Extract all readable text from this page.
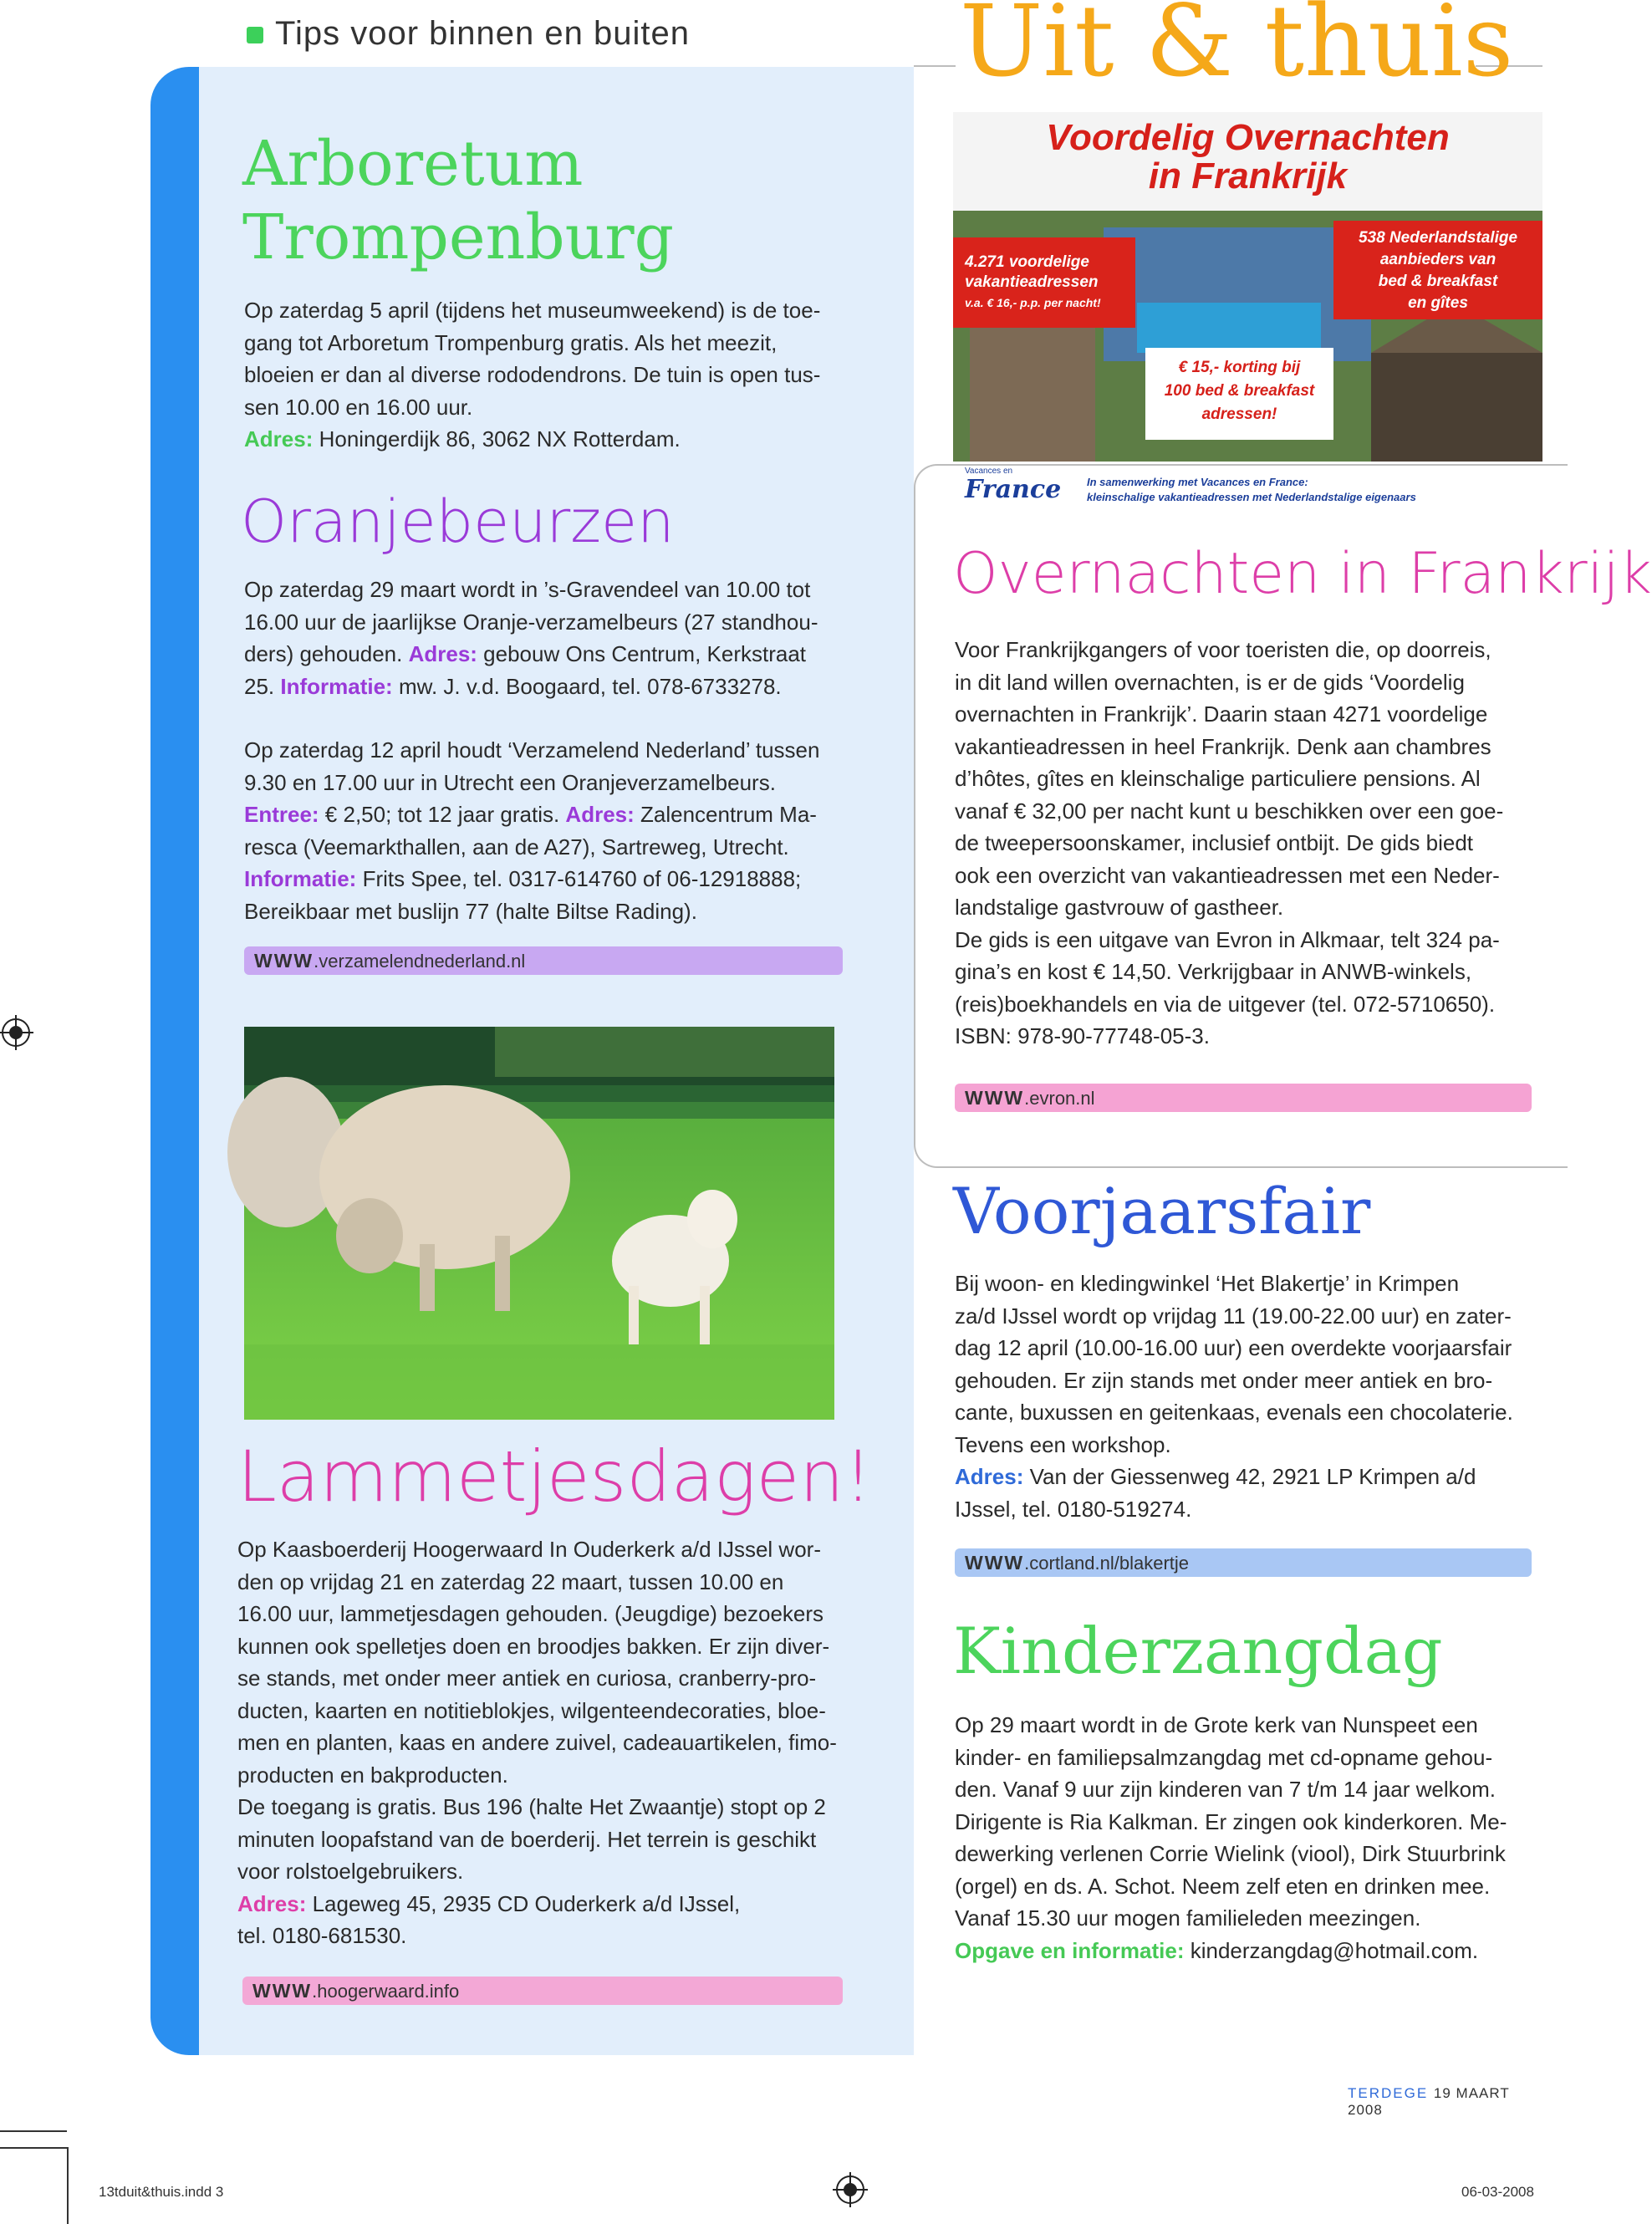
Tips voor binnen en buiten	Uit & thuis
Arboretum
Trompenburg
Op zaterdag 5 april (tijdens het museumweekend) is de toe-
gang tot Arboretum Trompenburg gratis. Als het meezit,
bloeien er dan al diverse rododendrons. De tuin is open tus-
sen 10.00 en 16.00 uur.
Adres: Honingerdijk 86, 3062 NX Rotterdam.
Oranjebeurzen
Op zaterdag 29 maart wordt in ’s-Gravendeel van 10.00 tot
16.00 uur de jaarlijkse Oranje-verzamelbeurs (27 standhou-
ders) gehouden. Adres: gebouw Ons Centrum, Kerkstraat
25. Informatie: mw. J. v.d. Boogaard, tel. 078-6733278.
Op zaterdag 12 april houdt ‘Verzamelend Nederland’ tussen
9.30 en 17.00 uur in Utrecht een Oranjeverzamelbeurs.
Entree: € 2,50; tot 12 jaar gratis. Adres: Zalencentrum Ma-
resca (Veemarkthallen, aan de A27), Sartreweg, Utrecht.
Informatie: Frits Spee, tel. 0317-614760 of 06-12918888;
Bereikbaar met buslijn 77 (halte Biltse Rading).
WWW.verzamelendnederland.nl
Lammetjesdagen!
Op Kaasboerderij Hoogerwaard In Ouderkerk a/d IJssel wor-
den op vrijdag 21 en zaterdag 22 maart, tussen 10.00 en
16.00 uur, lammetjesdagen gehouden. (Jeugdige) bezoekers
kunnen ook spelletjes doen en broodjes bakken. Er zijn diver-
se stands, met onder meer antiek en curiosa, cranberry-pro-
ducten, kaarten en notitieblokjes, wilgenteendecoraties, bloe-
men en planten, kaas en andere zuivel, cadeauartikelen, fimo-
producten en bakproducten.
De toegang is gratis. Bus 196 (halte Het Zwaantje) stopt op 2
minuten loopafstand van de boerderij. Het terrein is geschikt
voor rolstoelgebruikers.
Adres: Lageweg 45, 2935 CD Ouderkerk a/d IJssel,
tel. 0180-681530.
WWW.hoogerwaard.info
Voordelig Overnachten
in Frankrijk
4.271 voordelige
vakantieadressen
v.a. € 16,- p.p. per nacht!
538 Nederlandstalige
aanbieders van
bed & breakfast
en gîtes
€ 15,- korting bij
100 bed & breakfast
adressen!
Vacances en
France In samenwerking met Vacances en France:
kleinschalige vakantieadressen met Nederlandstalige eigenaars
Overnachten in Frankrijk
Voor Frankrijkgangers of voor toeristen die, op doorreis,
in dit land willen overnachten, is er de gids ‘Voordelig
overnachten in Frankrijk’. Daarin staan 4271 voordelige
vakantieadressen in heel Frankrijk. Denk aan chambres
d’hôtes, gîtes en kleinschalige particuliere pensions. Al
vanaf € 32,00 per nacht kunt u beschikken over een goe-
de tweepersoonskamer, inclusief ontbijt. De gids biedt
ook een overzicht van vakantieadressen met een Neder-
landstalige gastvrouw of gastheer.
De gids is een uitgave van Evron in Alkmaar, telt 324 pa-
gina’s en kost € 14,50. Verkrijgbaar in ANWB-winkels,
(reis)boekhandels en via de uitgever (tel. 072-5710650).
ISBN: 978-90-77748-05-3.
WWW.evron.nl
Voorjaarsfair
Bij woon- en kledingwinkel ‘Het Blakertje’ in Krimpen
za/d IJssel wordt op vrijdag 11 (19.00-22.00 uur) en zater-
dag 12 april (10.00-16.00 uur) een overdekte voorjaarsfair
gehouden. Er zijn stands met onder meer antiek en bro-
cante, buxussen en geitenkaas, evenals een chocolaterie.
Tevens een workshop.
Adres: Van der Giessenweg 42, 2921 LP Krimpen a/d
IJssel, tel. 0180-519274.
WWW.cortland.nl/blakertje
Kinderzangdag
Op 29 maart wordt in de Grote kerk van Nunspeet een
kinder- en familiepsalmzangdag met cd-opname gehou-
den. Vanaf 9 uur zijn kinderen van 7 t/m 14 jaar welkom.
Dirigente is Ria Kalkman. Er zingen ook kinderkoren. Me-
dewerking verlenen Corrie Wielink (viool), Dirk Stuurbrink
(orgel) en ds. A. Schot. Neem zelf eten en drinken mee.
Vanaf 15.30 uur mogen familieleden meezingen.
Opgave en informatie: kinderzangdag@hotmail.com.
TERDEGE 19 MAART 2008
13tduit&thuis.indd 3	06-03-2008
